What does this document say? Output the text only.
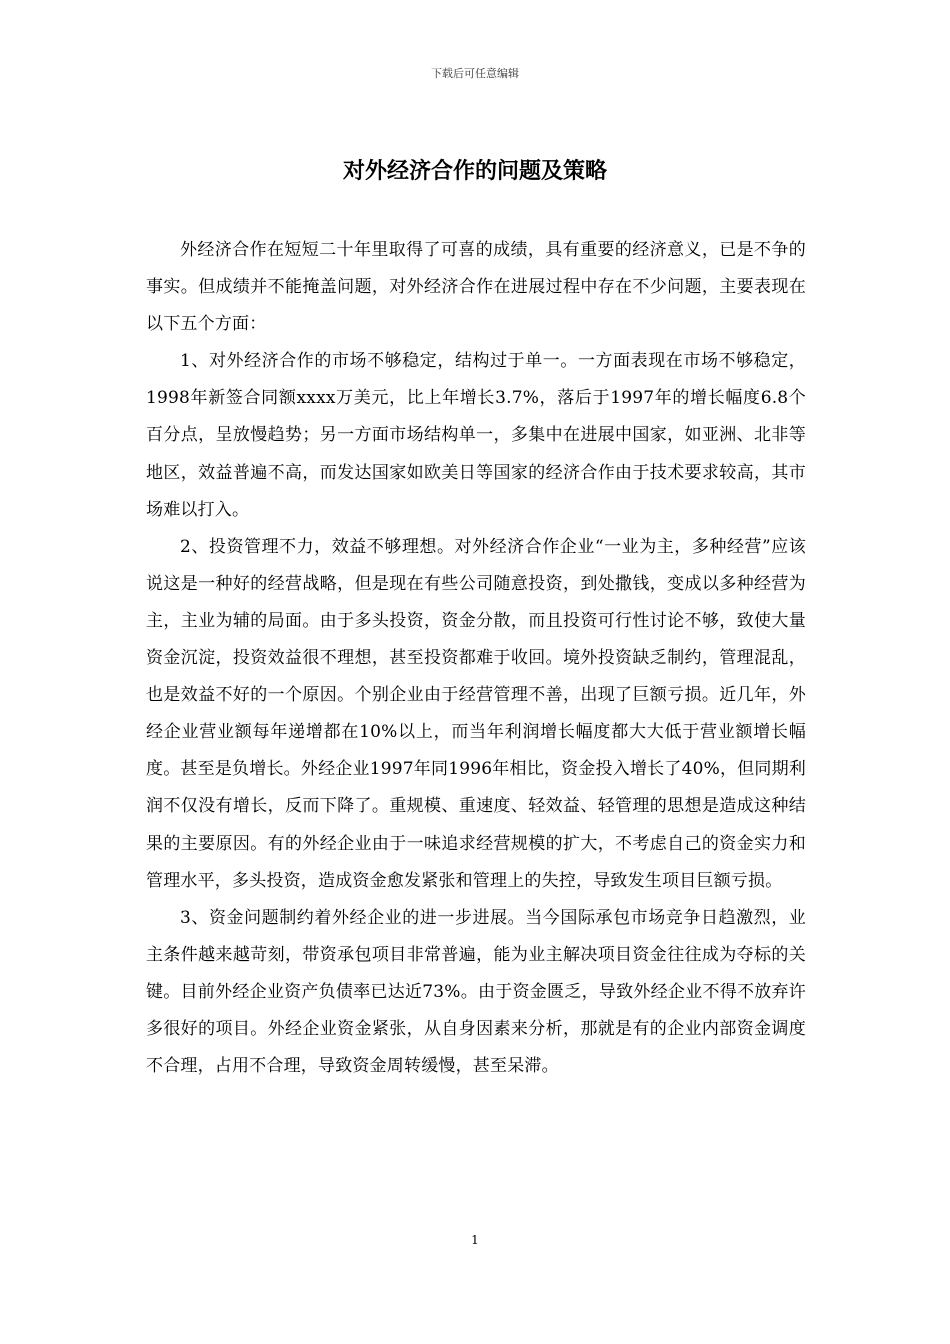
下载后可任意编辑
对外经济合作的问题及策略

外经济合作在短短二十年里取得了可喜的成绩，具有重要的经济意义，已是不争的事实。但成绩并不能掩盖问题，对外经济合作在进展过程中存在不少问题，主要表现在以下五个方面：

1、对外经济合作的市场不够稳定，结构过于单一。一方面表现在市场不够稳定，1998年新签合同额xxxx万美元，比上年增长3.7%，落后于1997年的增长幅度6.8个百分点，呈放慢趋势；另一方面市场结构单一，多集中在进展中国家，如亚洲、北非等地区，效益普遍不高，而发达国家如欧美日等国家的经济合作由于技术要求较高，其市场难以打入。

2、投资管理不力，效益不够理想。对外经济合作企业“一业为主，多种经营”应该说这是一种好的经营战略，但是现在有些公司随意投资，到处撒钱，变成以多种经营为主，主业为辅的局面。由于多头投资，资金分散，而且投资可行性讨论不够，致使大量资金沉淀，投资效益很不理想，甚至投资都难于收回。境外投资缺乏制约，管理混乱，也是效益不好的一个原因。个别企业由于经营管理不善，出现了巨额亏损。近几年，外经企业营业额每年递增都在10%以上，而当年利润增长幅度都大大低于营业额增长幅度。甚至是负增长。外经企业1997年同1996年相比，资金投入增长了40%，但同期利润不仅没有增长，反而下降了。重规模、重速度、轻效益、轻管理的思想是造成这种结果的主要原因。有的外经企业由于一味追求经营规模的扩大，不考虑自己的资金实力和管理水平，多头投资，造成资金愈发紧张和管理上的失控，导致发生项目巨额亏损。

3、资金问题制约着外经企业的进一步进展。当今国际承包市场竞争日趋激烈，业主条件越来越苛刻，带资承包项目非常普遍，能为业主解决项目资金往往成为夺标的关键。目前外经企业资产负债率已达近73%。由于资金匮乏，导致外经企业不得不放弃许多很好的项目。外经企业资金紧张，从自身因素来分析，那就是有的企业内部资金调度不合理，占用不合理，导致资金周转缓慢，甚至呆滞。

1
